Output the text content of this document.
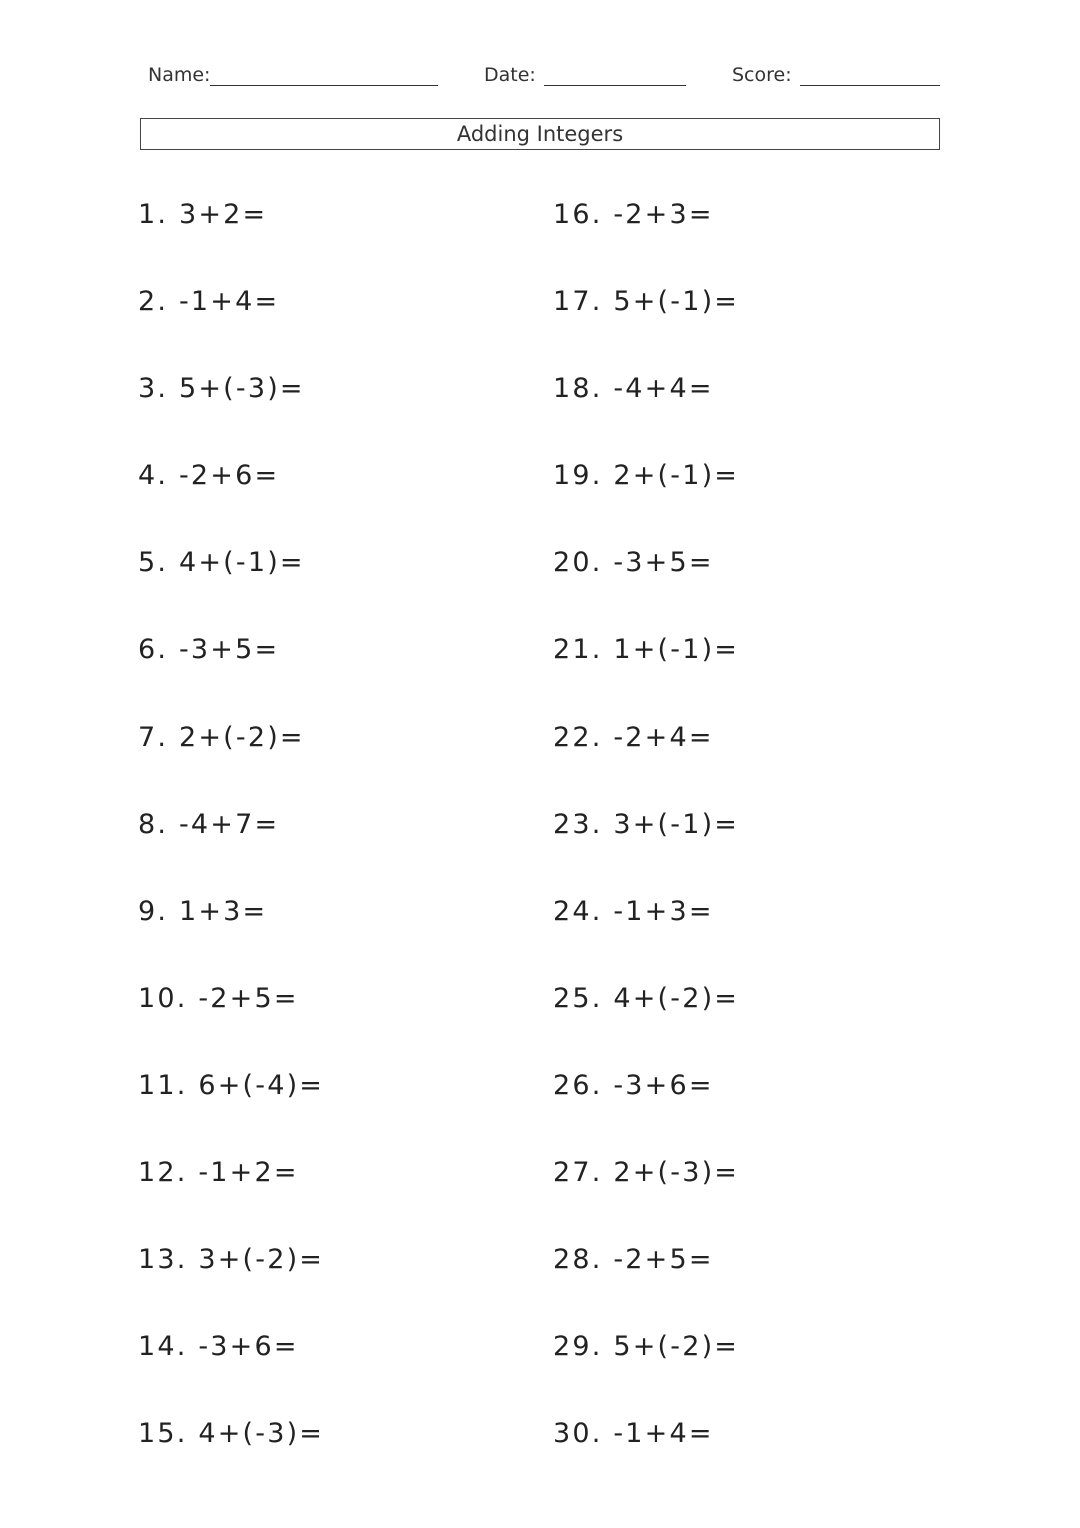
Name:	Date:	Score:
Adding Integers
1. 3+2=
2. -1+4=
3. 5+(-3)=
4. -2+6=
5. 4+(-1)=
6. -3+5=
7. 2+(-2)=
8. -4+7=
9. 1+3=
10. -2+5=
11. 6+(-4)=
12. -1+2=
13. 3+(-2)=
14. -3+6=
15. 4+(-3)=
16. -2+3=
17. 5+(-1)=
18. -4+4=
19. 2+(-1)=
20. -3+5=
21. 1+(-1)=
22. -2+4=
23. 3+(-1)=
24. -1+3=
25. 4+(-2)=
26. -3+6=
27. 2+(-3)=
28. -2+5=
29. 5+(-2)=
30. -1+4=
